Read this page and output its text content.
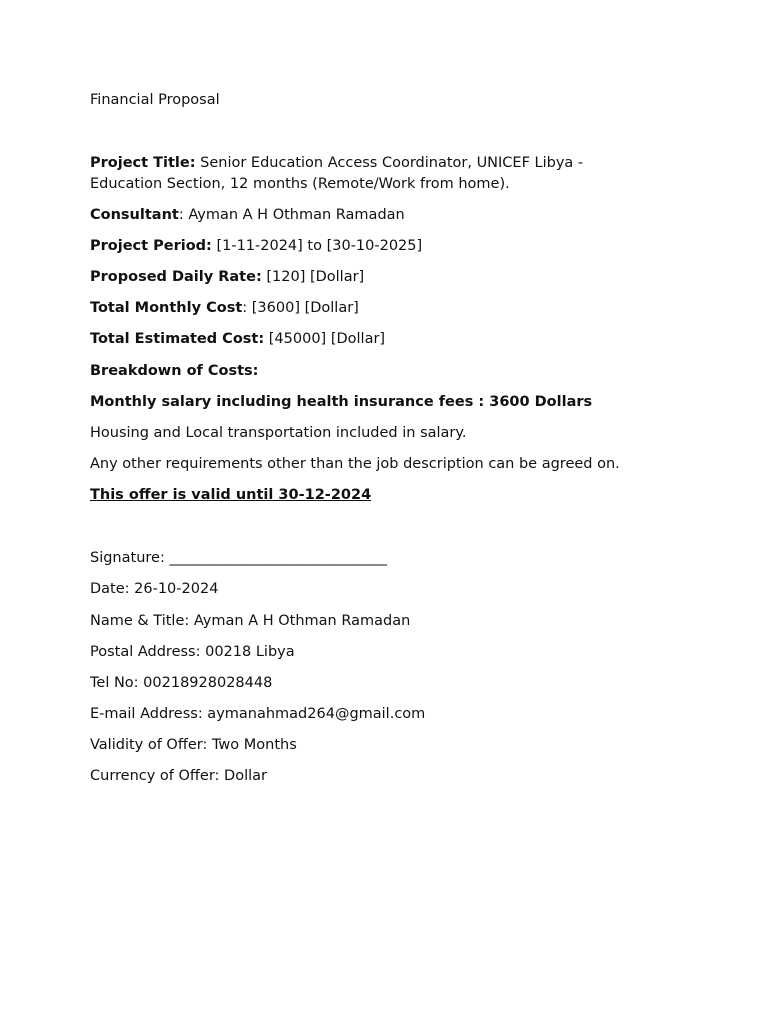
Financial Proposal
Project Title: Senior Education Access Coordinator, UNICEF Libya - Education Section, 12 months (Remote/Work from home).
Consultant: Ayman A H Othman Ramadan
Project Period: [1-11-2024] to [30-10-2025]
Proposed Daily Rate: [120] [Dollar]
Total Monthly Cost: [3600] [Dollar]
Total Estimated Cost: [45000] [Dollar]
Breakdown of Costs:
Monthly salary including health insurance fees : 3600 Dollars
Housing and Local transportation included in salary.
Any other requirements other than the job description can be agreed on.
This offer is valid until 30-12-2024
Signature: ______________________________
Date: 26-10-2024
Name & Title: Ayman A H Othman Ramadan
Postal Address: 00218 Libya
Tel No: 00218928028448
E-mail Address: aymanahmad264@gmail.com
Validity of Offer: Two Months
Currency of Offer: Dollar
